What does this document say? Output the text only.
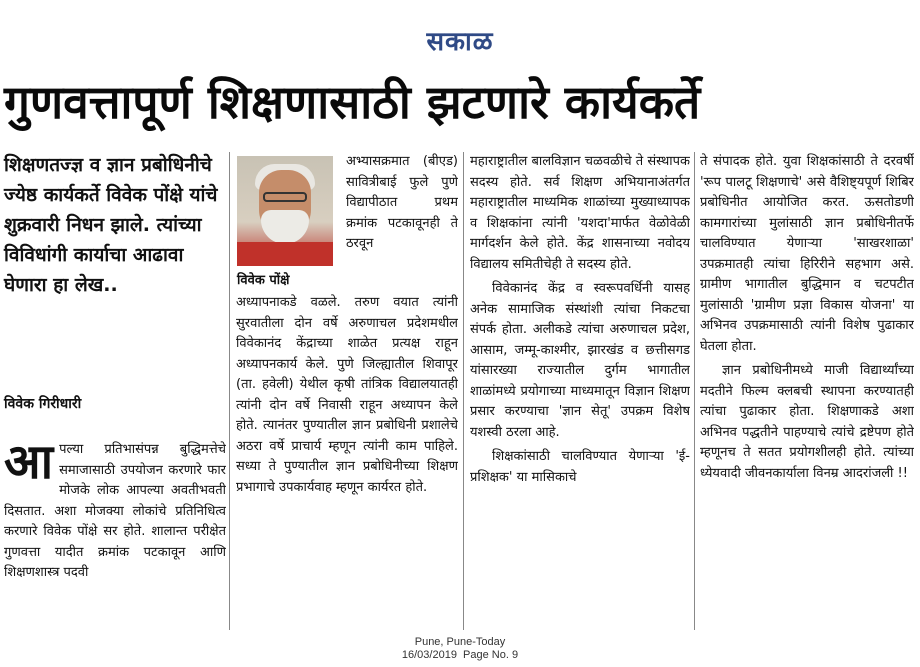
सकाळ
गुणवत्तापूर्ण शिक्षणासाठी झटणारे कार्यकर्ते
शिक्षणतज्ज्ञ व ज्ञान प्रबोधिनीचे ज्येष्ठ कार्यकर्ते विवेक पोंक्षे यांचे शुक्रवारी निधन झाले. त्यांच्या विविधांगी कार्याचा आढावा घेणारा हा लेख..
विवेक गिरीधारी

आपल्या प्रतिभासंपन्न बुद्धिमत्तेचे समाजासाठी उपयोजन करणारे फार मोजके लोक आपल्या अवतीभवती दिसतात. अशा मोजक्या लोकांचे प्रतिनिधित्व करणारे विवेक पोंक्षे सर होते. शालान्त परीक्षेत गुणवत्ता यादीत क्रमांक पटकावून आणि शिक्षणशास्त्र पदवी

विवेक पोंक्षे

अभ्यासक्रमात (बीएड) सावित्रीबाई फुले पुणे विद्यापीठात प्रथम क्रमांक पटकावूनही ते ठरवून

अध्यापनाकडे वळले. तरुण वयात त्यांनी सुरवातीला दोन वर्षे अरुणाचल प्रदेशमधील विवेकानंद केंद्राच्या शाळेत प्रत्यक्ष राहून अध्यापनकार्य केले. पुणे जिल्ह्यातील शिवापूर (ता. हवेली) येथील कृषी तांत्रिक विद्यालयातही त्यांनी दोन वर्षे निवासी राहून अध्यापन केले होते. त्यानंतर पुण्यातील ज्ञान प्रबोधिनी प्रशालेचे अठरा वर्षे प्राचार्य म्हणून त्यांनी काम पाहिले. सध्या ते पुण्यातील ज्ञान प्रबोधिनीच्या शिक्षण प्रभागाचे उपकार्यवाह म्हणून कार्यरत होते.

महाराष्ट्रातील बालविज्ञान चळवळीचे ते संस्थापक सदस्य होते. सर्व शिक्षण अभियानाअंतर्गत महाराष्ट्रातील माध्यमिक शाळांच्या मुख्याध्यापक व शिक्षकांना त्यांनी 'यशदा'मार्फत वेळोवेळी मार्गदर्शन केले होते. केंद्र शासनाच्या नवोदय विद्यालय समितीचेही ते सदस्य होते.

विवेकानंद केंद्र व स्वरूपवर्धिनी यासह अनेक सामाजिक संस्थांशी त्यांचा निकटचा संपर्क होता. अलीकडे त्यांचा अरुणाचल प्रदेश, आसाम, जम्मू-काश्मीर, झारखंड व छत्तीसगड यांसारख्या राज्यातील दुर्गम भागातील शाळांमध्ये प्रयोगाच्या माध्यमातून विज्ञान शिक्षण प्रसार करण्याचा 'ज्ञान सेतू' उपक्रम विशेष यशस्वी ठरला आहे.

शिक्षकांसाठी चालविण्यात येणाऱ्या 'ई-प्रशिक्षक' या मासिकाचे

ते संपादक होते. युवा शिक्षकांसाठी ते दरवर्षी 'रूप पालटू शिक्षणाचे' असे वैशिष्ट्यपूर्ण शिबिर प्रबोधिनीत आयोजित करत. ऊसतोडणी कामगारांच्या मुलांसाठी ज्ञान प्रबोधिनीतर्फे चालविण्यात येणाऱ्या 'साखरशाळा' उपक्रमातही त्यांचा हिरिरीने सहभाग असे. ग्रामीण भागातील बुद्धिमान व चटपटीत मुलांसाठी 'ग्रामीण प्रज्ञा विकास योजना' या अभिनव उपक्रमासाठी त्यांनी विशेष पुढाकार घेतला होता.

ज्ञान प्रबोधिनीमध्ये माजी विद्यार्थ्यांच्या मदतीने फिल्म क्लबची स्थापना करण्यातही त्यांचा पुढाकार होता. शिक्षणाकडे अशा अभिनव पद्धतीने पाहण्याचे त्यांचे द्रष्टेपण होते म्हणूनच ते सतत प्रयोगशीलही होते. त्यांच्या ध्येयवादी जीवनकार्याला विनम्र आदरांजली !!

Pune, Pune-Today
16/03/2019  Page No. 9
